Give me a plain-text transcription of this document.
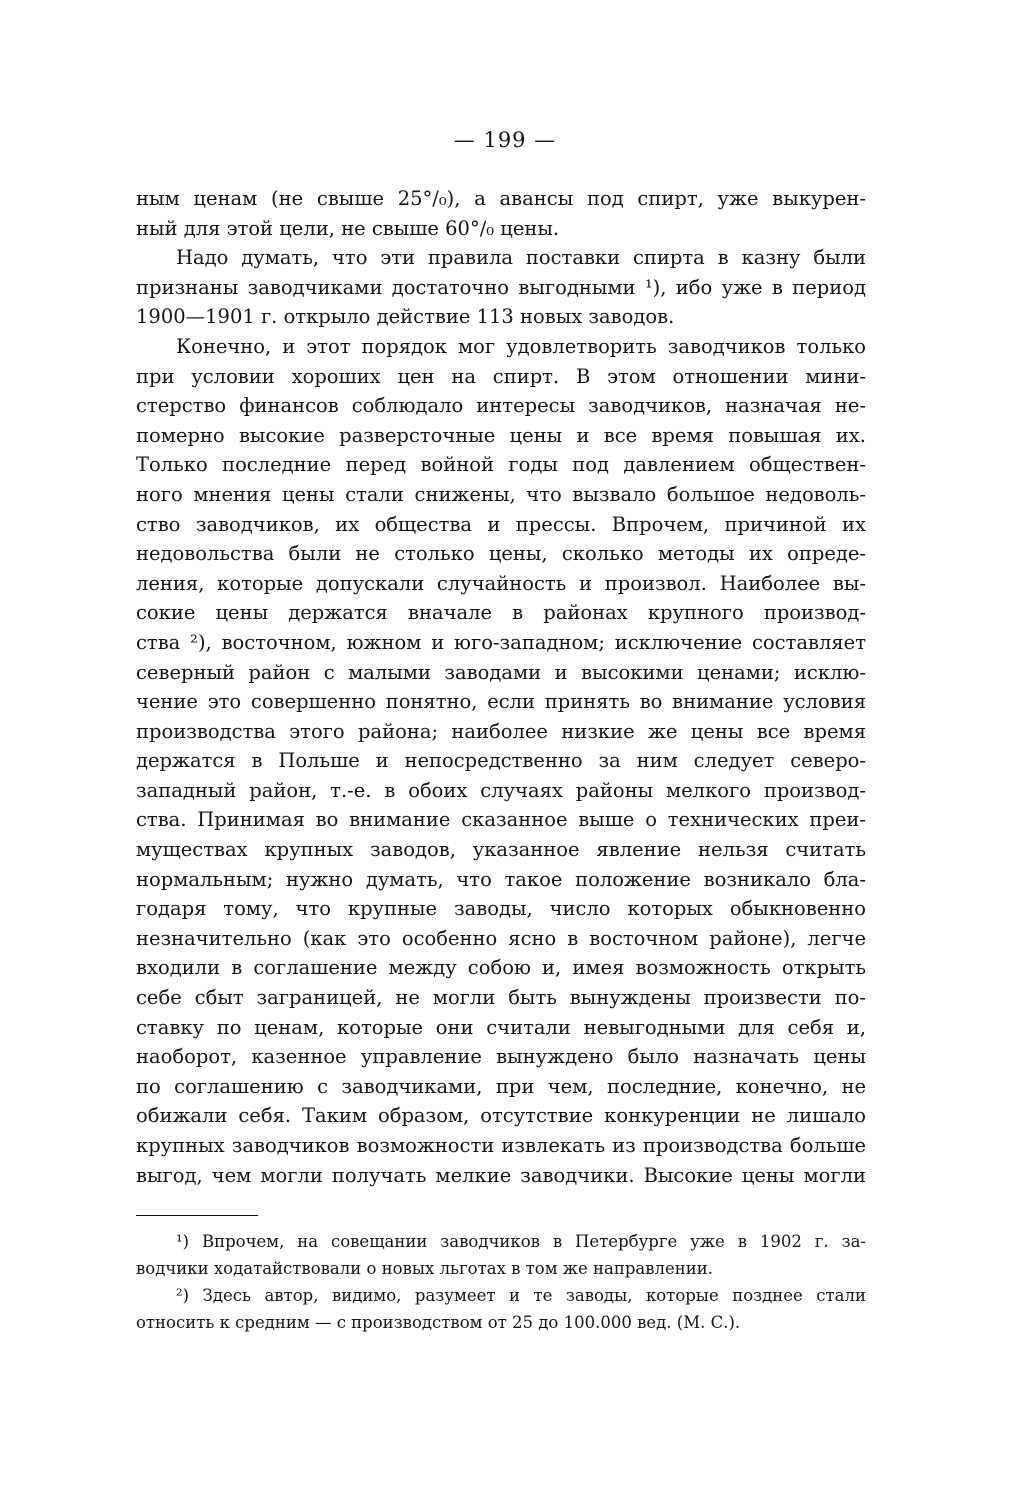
— 199 —
ным ценам (не свыше 25°/₀), а авансы под спирт, уже выкурен-
ный для этой цели, не свыше 60°/₀ цены.
Надо думать, что эти правила поставки спирта в казну были
признаны заводчиками достаточно выгодными ¹), ибо уже в период
1900—1901 г. открыло действие 113 новых заводов.
Конечно, и этот порядок мог удовлетворить заводчиков только
при условии хороших цен на спирт. В этом отношении мини-
стерство финансов соблюдало интересы заводчиков, назначая не-
померно высокие разверсточные цены и все время повышая их.
Только последние перед войной годы под давлением обществен-
ного мнения цены стали снижены, что вызвало большое недоволь-
ство заводчиков, их общества и прессы. Впрочем, причиной их
недовольства были не столько цены, сколько методы их опреде-
ления, которые допускали случайность и произвол. Наиболее вы-
сокие цены держатся вначале в районах крупного производ-
ства ²), восточном, южном и юго-западном; исключение составляет
северный район с малыми заводами и высокими ценами; исклю-
чение это совершенно понятно, если принять во внимание условия
производства этого района; наиболее низкие же цены все время
держатся в Польше и непосредственно за ним следует северо-
западный район, т.-е. в обоих случаях районы мелкого производ-
ства. Принимая во внимание сказанное выше о технических преи-
муществах крупных заводов, указанное явление нельзя считать
нормальным; нужно думать, что такое положение возникало бла-
годаря тому, что крупные заводы, число которых обыкновенно
незначительно (как это особенно ясно в восточном районе), легче
входили в соглашение между собою и, имея возможность открыть
себе сбыт заграницей, не могли быть вынуждены произвести по-
ставку по ценам, которые они считали невыгодными для себя и,
наоборот, казенное управление вынуждено было назначать цены
по соглашению с заводчиками, при чем, последние, конечно, не
обижали себя. Таким образом, отсутствие конкуренции не лишало
крупных заводчиков возможности извлекать из производства больше
выгод, чем могли получать мелкие заводчики. Высокие цены могли
¹) Впрочем, на совещании заводчиков в Петербурге уже в 1902 г. за-
водчики ходатайствовали о новых льготах в том же направлении.
²) Здесь автор, видимо, разумеет и те заводы, которые позднее стали
относить к средним — с производством от 25 до 100.000 вед. (М. С.).
